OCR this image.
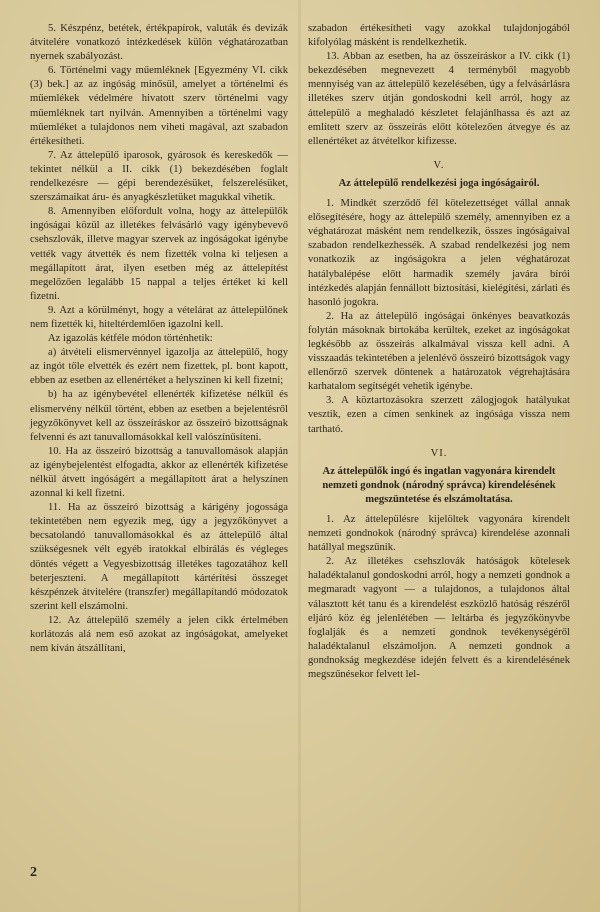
5. Készpénz, betétek, értékpapírok, valuták és devizák átvitelére vonatkozó intézkedések külön véghatározatban nyernek szabályozást.

6. Történelmi vagy műemléknek [Egyezmény VI. cikk (3) bek.] az az ingóság minősül, amelyet a történelmi és műemlékek védelmére hivatott szerv történelmi vagy műemléknek tart nyilván. Amennyiben a történelmi vagy műemléket a tulajdonos nem viheti magával, azt szabadon értékesítheti.

7. Az áttelepülő iparosok, gyárosok és kereskedők — tekintet nélkül a II. cikk (1) bekezdésében foglalt rendelkezésre — gépi berendezésüket, felszerelésüket, szerszámaikat áru- és anyagkészletüket magukkal vihetik.

8. Amennyiben előfordult volna, hogy az áttelepülők ingóságai közül az illetékes felvásárló vagy igénybevevő csehszlovák, illetve magyar szervek az ingóságokat igénybe vették vagy átvették és nem fizették volna ki teljesen a megállapított árat, ilyen esetben még az áttelepítést megelőzően legalább 15 nappal a teljes értéket ki kell fizetni.

9. Azt a körülményt, hogy a vételárat az áttelepülőnek nem fizették ki, hiteltérdemlően igazolni kell.

Az igazolás kétféle módon történhetik:

a) átvételi elismervénnyel igazolja az áttelepülő, hogy az ingót tőle elvették és ezért nem fizettek, pl. bont kapott, ebben az esetben az ellenértéket a helyszínen ki kell fizetni;

b) ha az igénybevétel ellenérték kifizetése nélkül és elismervény nélkül történt, ebben az esetben a bejelentésről jegyzőkönyvet kell az összeíráskor az összeíró bizottságnak felvenni és azt tanuvallomásokkal kell valószínűsíteni.

10. Ha az összeíró bizottság a tanuvallomások alapján az igénybejelentést elfogadta, akkor az ellenérték kifizetése nélkül átvett ingóságért a megállapított árat a helyszínen azonnal ki kell fizetni.

11. Ha az összeíró bizottság a kárigény jogossága tekintetében nem egyezik meg, úgy a jegyzőkönyvet a becsatolandó tanuvallomásokkal és az áttelepülő által szükségesnek vélt egyéb iratokkal elbírálás és végleges döntés végett a Vegyesbizottság illetékes tagozatához kell beterjeszteni. A megállapított kártérítési összeget készpénzek átvitelére (transzfer) megállapítandó módozatok szerint kell elszámolni.

12. Az áttelepülő személy a jelen cikk értelmében korlátozás alá nem eső azokat az ingóságokat, amelyeket nem kíván átszállítani,

szabadon értékesítheti vagy azokkal tulajdonjogából kifolyólag másként is rendelkezhetik.

13. Abban az esetben, ha az összeíráskor a IV. cikk (1) bekezdésében megnevezett 4 terményből magyobb mennyiség van az áttelepülő kezelésében, úgy a felvásárlásra illetékes szerv útján gondoskodni kell arról, hogy az áttelepülő a meghaladó készletet felajánlhassa és azt az említett szerv az összeírás előtt kötelezően átvegye és az ellenértéket az átvételkor kifizesse.

V.
Az áttelepülő rendelkezési joga ingóságairól.

1. Mindkét szerződő fél kötelezettséget vállal annak elősegítésére, hogy az áttelepülő személy, amennyiben ez a véghatározat másként nem rendelkezik, összes ingóságaival szabadon rendelkezhessék. A szabad rendelkezési jog nem vonatkozik az ingóságokra a jelen véghatározat hatálybalépése előtt harmadik személy javára bírói intézkedés alapján fennállott biztosítási, kielégítési, zárlati és hasonló jogokra.

2. Ha az áttelepülő ingóságai önkényes beavatkozás folytán másoknak birtokába kerültek, ezeket az ingóságokat legkésőbb az összeírás alkalmával vissza kell adni. A visszaadás tekintetében a jelenlévő összeíró bizottságok vagy ellenőrző szervek döntenek a határozatok végrehajtására karhatalom segítségét vehetik igénybe.

3. A köztartozásokra szerzett zálogjogok hatályukat vesztik, ezen a címen senkinek az ingósága vissza nem tartható.

VI.
Az áttelepülők ingó és ingatlan vagyonára kirendelt nemzeti gondnok (národný správca) kirendelésének megszüntetése és elszámoltatása.

1. Az áttelepülésre kijelöltek vagyonára kirendelt nemzeti gondnokok (národný správca) kirendelése azonnali hatállyal megszűnik.

2. Az illetékes csehszlovák hatóságok kötelesek haladéktalanul gondoskodni arról, hogy a nemzeti gondnok a megmaradt vagyont — a tulajdonos, a tulajdonos által választott két tanu és a kirendelést eszközlő hatóság részéről eljáró köz ég jelenlétében — leltárba és jegyzőkönyvbe foglalják és a nemzeti gondnok tevékenységéről haladéktalanul elszámoljon. A nemzeti gondnok a gondnokság megkezdése idején felvett és a kirendelésének megszűnésekor felvett lel-

2
